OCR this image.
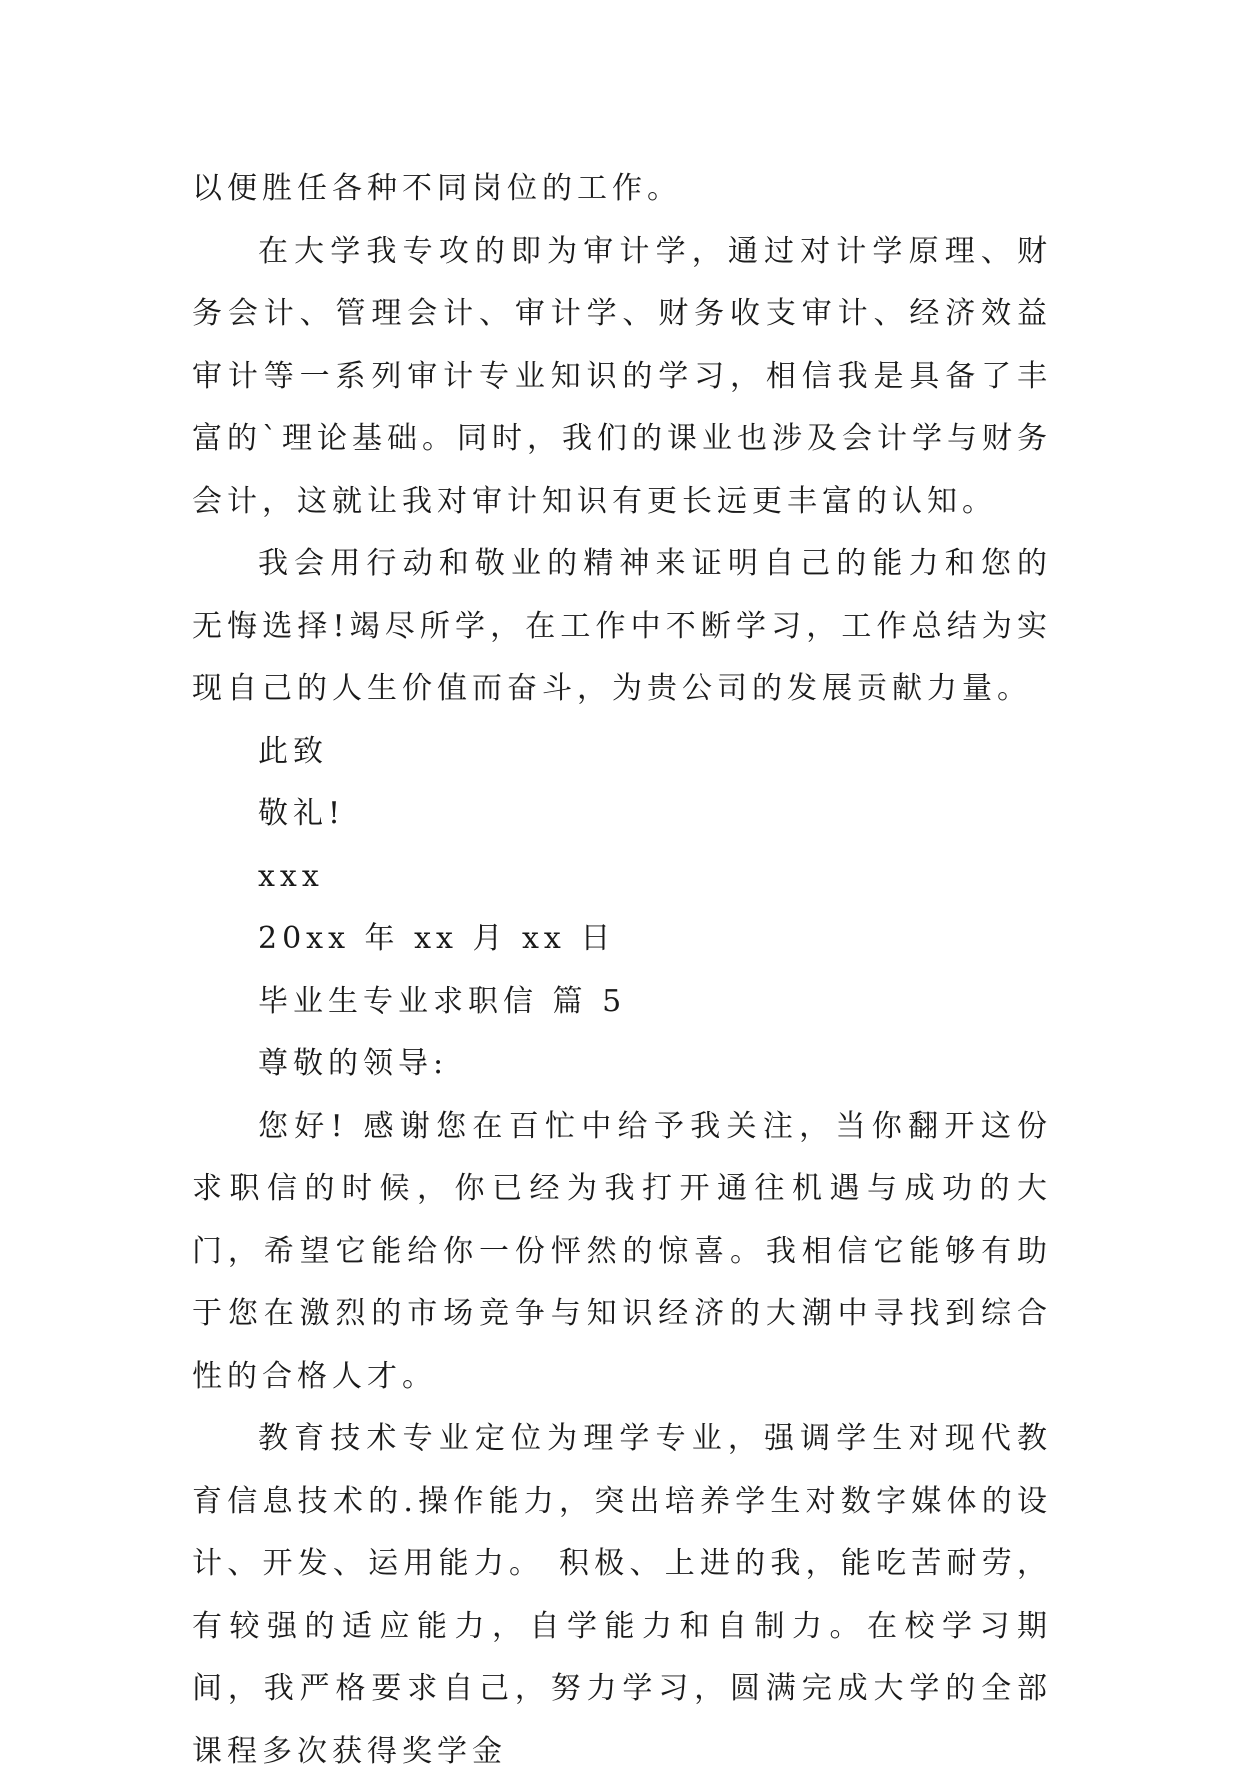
以便胜任各种不同岗位的工作。

在大学我专攻的即为审计学，通过对计学原理、财务会计、管理会计、审计学、财务收支审计、经济效益审计等一系列审计专业知识的学习，相信我是具备了丰富的`理论基础。同时，我们的课业也涉及会计学与财务会计，这就让我对审计知识有更长远更丰富的认知。

我会用行动和敬业的精神来证明自己的能力和您的无悔选择!竭尽所学，在工作中不断学习，工作总结为实现自己的人生价值而奋斗，为贵公司的发展贡献力量。

此致

敬礼!

xxx

20xx 年 xx 月 xx 日

毕业生专业求职信 篇 5

尊敬的领导:

您好! 感谢您在百忙中给予我关注，当你翻开这份求职信的时候，你已经为我打开通往机遇与成功的大门，希望它能给你一份怦然的惊喜。我相信它能够有助于您在激烈的市场竞争与知识经济的大潮中寻找到综合性的合格人才。

教育技术专业定位为理学专业，强调学生对现代教育信息技术的.操作能力，突出培养学生对数字媒体的设计、开发、运用能力。 积极、上进的我，能吃苦耐劳，有较强的适应能力，自学能力和自制力。在校学习期间，我严格要求自己，努力学习，圆满完成大学的全部课程多次获得奖学金
